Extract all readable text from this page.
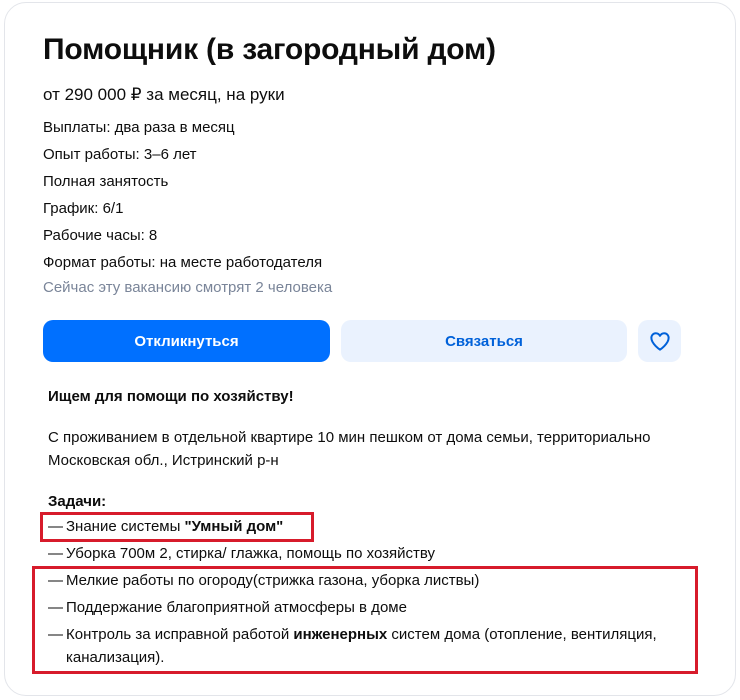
Помощник (в загородный дом)
от 290 000 ₽ за месяц, на руки
Выплаты: два раза в месяц
Опыт работы: 3–6 лет
Полная занятость
График: 6/1
Рабочие часы: 8
Формат работы: на месте работодателя
Сейчас эту вакансию смотрят 2 человека
Откликнуться	Связаться
Ищем для помощи по хозяйству!
С проживанием в отдельной квартире 10 мин пешком от дома семьи, территориально Московская обл., Истринский р-н
Задачи:
— Знание системы "Умный дом"
— Уборка 700м 2, стирка/ глажка, помощь по хозяйству
— Мелкие работы по огороду(стрижка газона, уборка листвы)
— Поддержание благоприятной атмосферы в доме
— Контроль за исправной работой инженерных систем дома (отопление, вентиляция,
канализация).
